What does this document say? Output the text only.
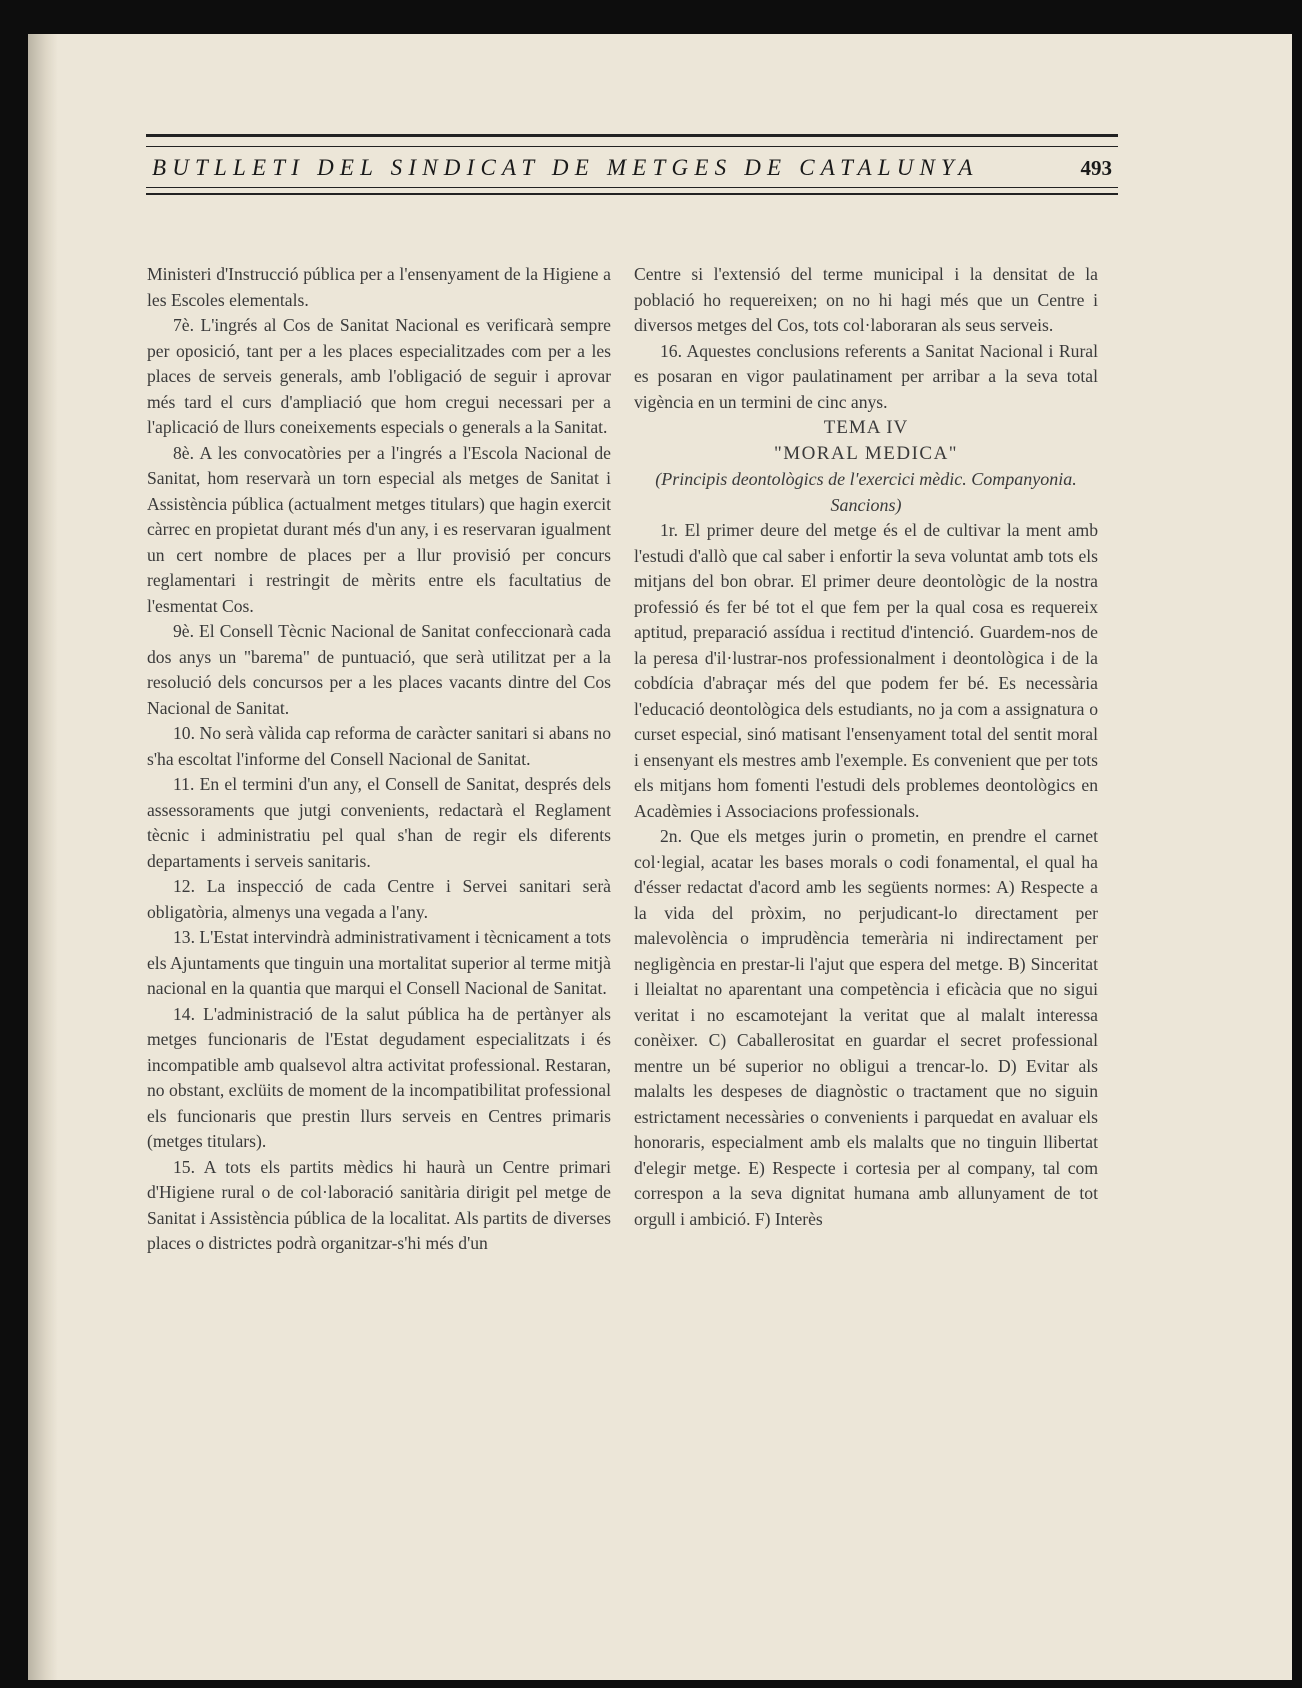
BUTLLETI DEL SINDICAT DE METGES DE CATALUNYA	493

Ministeri d'Instrucció pública per a l'ensenyament de la Higiene a les Escoles elementals.

7è. L'ingrés al Cos de Sanitat Nacional es verificarà sempre per oposició, tant per a les places especialitzades com per a les places de serveis generals, amb l'obligació de seguir i aprovar més tard el curs d'ampliació que hom cregui necessari per a l'aplicació de llurs coneixements especials o generals a la Sanitat.

8è. A les convocatòries per a l'ingrés a l'Escola Nacional de Sanitat, hom reservarà un torn especial als metges de Sanitat i Assistència pública (actualment metges titulars) que hagin exercit càrrec en propietat durant més d'un any, i es reservaran igualment un cert nombre de places per a llur provisió per concurs reglamentari i restringit de mèrits entre els facultatius de l'esmentat Cos.

9è. El Consell Tècnic Nacional de Sanitat confeccionarà cada dos anys un "barema" de puntuació, que serà utilitzat per a la resolució dels concursos per a les places vacants dintre del Cos Nacional de Sanitat.

10. No serà vàlida cap reforma de caràcter sanitari si abans no s'ha escoltat l'informe del Consell Nacional de Sanitat.

11. En el termini d'un any, el Consell de Sanitat, després dels assessoraments que jutgi convenients, redactarà el Reglament tècnic i administratiu pel qual s'han de regir els diferents departaments i serveis sanitaris.

12. La inspecció de cada Centre i Servei sanitari serà obligatòria, almenys una vegada a l'any.

13. L'Estat intervindrà administrativament i tècnicament a tots els Ajuntaments que tinguin una mortalitat superior al terme mitjà nacional en la quantia que marqui el Consell Nacional de Sanitat.

14. L'administració de la salut pública ha de pertànyer als metges funcionaris de l'Estat degudament especialitzats i és incompatible amb qualsevol altra activitat professional. Restaran, no obstant, exclüits de moment de la incompatibilitat professional els funcionaris que prestin llurs serveis en Centres primaris (metges titulars).

15. A tots els partits mèdics hi haurà un Centre primari d'Higiene rural o de col·laboració sanitària dirigit pel metge de Sanitat i Assistència pública de la localitat. Als partits de diverses places o districtes podrà organitzar-s'hi més d'un

Centre si l'extensió del terme municipal i la densitat de la població ho requereixen; on no hi hagi més que un Centre i diversos metges del Cos, tots col·laboraran als seus serveis.

16. Aquestes conclusions referents a Sanitat Nacional i Rural es posaran en vigor paulatinament per arribar a la seva total vigència en un termini de cinc anys.

TEMA IV

"MORAL MEDICA"

(Principis deontològics de l'exercici mèdic. Companyonia. Sancions)

1r. El primer deure del metge és el de cultivar la ment amb l'estudi d'allò que cal saber i enfortir la seva voluntat amb tots els mitjans del bon obrar. El primer deure deontològic de la nostra professió és fer bé tot el que fem per la qual cosa es requereix aptitud, preparació assídua i rectitud d'intenció. Guardem-nos de la peresa d'il·lustrar-nos professionalment i deontològica i de la cobdícia d'abraçar més del que podem fer bé. Es necessària l'educació deontològica dels estudiants, no ja com a assignatura o curset especial, sinó matisant l'ensenyament total del sentit moral i ensenyant els mestres amb l'exemple. Es convenient que per tots els mitjans hom fomenti l'estudi dels problemes deontològics en Acadèmies i Associacions professionals.

2n. Que els metges jurin o prometin, en prendre el carnet col·legial, acatar les bases morals o codi fonamental, el qual ha d'ésser redactat d'acord amb les següents normes: A) Respecte a la vida del pròxim, no perjudicant-lo directament per malevolència o imprudència temerària ni indirectament per negligència en prestar-li l'ajut que espera del metge. B) Sinceritat i lleialtat no aparentant una competència i eficàcia que no sigui veritat i no escamotejant la veritat que al malalt interessa conèixer. C) Caballerositat en guardar el secret professional mentre un bé superior no obligui a trencar-lo. D) Evitar als malalts les despeses de diagnòstic o tractament que no siguin estrictament necessàries o convenients i parquedat en avaluar els honoraris, especialment amb els malalts que no tinguin llibertat d'elegir metge. E) Respecte i cortesia per al company, tal com correspon a la seva dignitat humana amb allunyament de tot orgull i ambició. F) Interès
